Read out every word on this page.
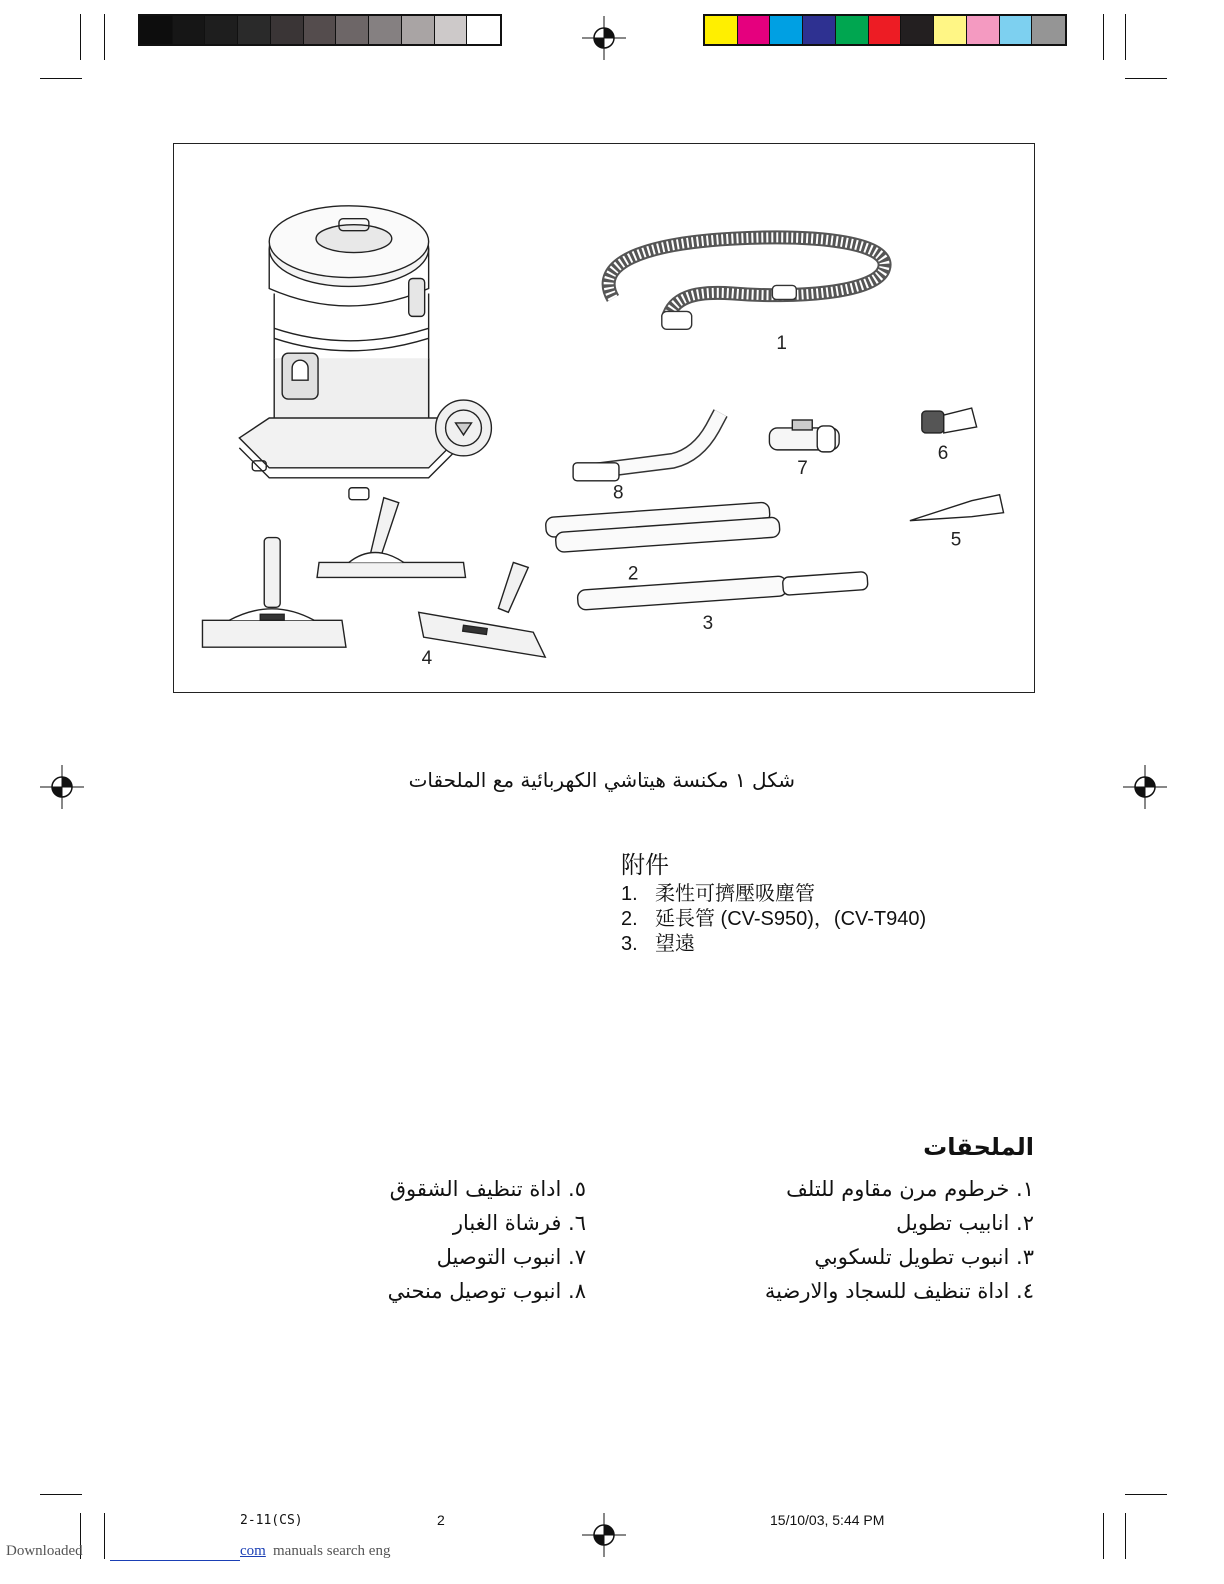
1
2
3
4
5
6
7
8
شكل ١ مكنسة هيتاشي الكهربائية مع الملحقات
附件
1. 柔性可擠壓吸塵管
2. 延長管 (CV-S950)，(CV-T940)
3. 望遠
الملحقات
١. خرطوم مرن مقاوم للتلف
٢. انابيب تطويل
٣. انبوب تطويل تلسكوبي
٤. اداة تنظيف للسجاد والارضية
٥. اداة تنظيف الشقوق
٦. فرشاة الغبار
٧. انبوب التوصيل
٨. انبوب توصيل منحني
2-11(CS)	2	15/10/03, 5:44 PM
Downloaded	com manuals search eng
